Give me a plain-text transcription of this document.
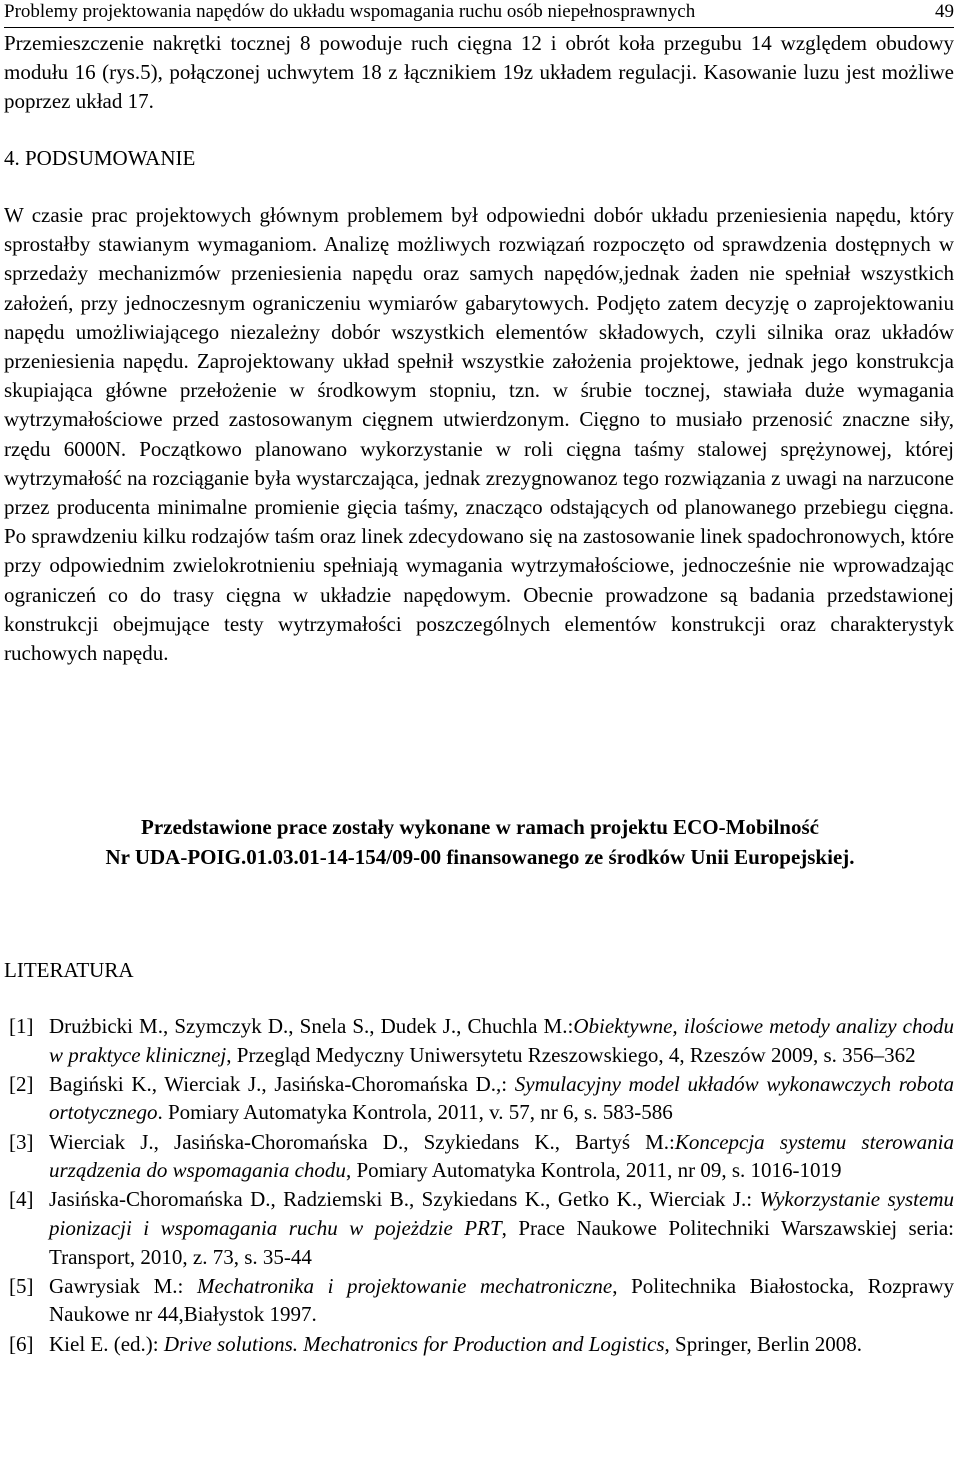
Problemy projektowania napędów do układu wspomagania ruchu osób niepełnosprawnych	49

Przemieszczenie nakrętki tocznej 8 powoduje ruch cięgna 12 i obrót koła przegubu 14 względem obudowy modułu 16 (rys.5), połączonej uchwytem 18 z łącznikiem 19z układem regulacji. Kasowanie luzu jest możliwe poprzez układ 17.

4. PODSUMOWANIE

W czasie prac projektowych głównym problemem był odpowiedni dobór układu przeniesienia napędu, który sprostałby stawianym wymaganiom. Analizę możliwych rozwiązań rozpoczęto od sprawdzenia dostępnych w sprzedaży mechanizmów przeniesienia napędu oraz samych napędów,jednak żaden nie spełniał wszystkich założeń, przy jednoczesnym ograniczeniu wymiarów gabarytowych. Podjęto zatem decyzję o zaprojektowaniu napędu umożliwiającego niezależny dobór wszystkich elementów składowych, czyli silnika oraz układów przeniesienia napędu. Zaprojektowany układ spełnił wszystkie założenia projektowe, jednak jego konstrukcja skupiająca główne przełożenie w środkowym stopniu, tzn. w śrubie tocznej, stawiała duże wymagania wytrzymałościowe przed zastosowanym cięgnem utwierdzonym. Cięgno to musiało przenosić znaczne siły, rzędu 6000N. Początkowo planowano wykorzystanie w roli cięgna taśmy stalowej sprężynowej, której wytrzymałość na rozciąganie była wystarczająca, jednak zrezygnowanoz tego rozwiązania z uwagi na narzucone przez producenta minimalne promienie gięcia taśmy, znacząco odstających od planowanego przebiegu cięgna. Po sprawdzeniu kilku rodzajów taśm oraz linek zdecydowano się na zastosowanie linek spadochronowych, które przy odpowiednim zwielokrotnieniu spełniają wymagania wytrzymałościowe, jednocześnie nie wprowadzając ograniczeń co do trasy cięgna w układzie napędowym. Obecnie prowadzone są badania przedstawionej konstrukcji obejmujące testy wytrzymałości poszczególnych elementów konstrukcji oraz charakterystyk ruchowych napędu.

Przedstawione prace zostały wykonane w ramach projektu ECO-Mobilność
Nr UDA-POIG.01.03.01-14-154/09-00 finansowanego ze środków Unii Europejskiej.

LITERATURA
[1] Drużbicki M., Szymczyk D., Snela S., Dudek J., Chuchla M.:Obiektywne, ilościowe metody analizy chodu w praktyce klinicznej, Przegląd Medyczny Uniwersytetu Rzeszowskiego, 4, Rzeszów 2009, s. 356–362
[2] Bagiński K., Wierciak J., Jasińska-Choromańska D.,: Symulacyjny model układów wykonawczych robota ortotycznego. Pomiary Automatyka Kontrola, 2011, v. 57, nr 6, s. 583-586
[3] Wierciak J., Jasińska-Choromańska D., Szykiedans K., Bartyś M.:Koncepcja systemu sterowania urządzenia do wspomagania chodu, Pomiary Automatyka Kontrola, 2011, nr 09, s. 1016-1019
[4] Jasińska-Choromańska D., Radziemski B., Szykiedans K., Getko K., Wierciak J.: Wykorzystanie systemu pionizacji i wspomagania ruchu w pojeżdzie PRT, Prace Naukowe Politechniki Warszawskiej seria: Transport, 2010, z. 73, s. 35-44
[5] Gawrysiak M.: Mechatronika i projektowanie mechatroniczne, Politechnika Białostocka, Rozprawy Naukowe nr 44,Białystok 1997.
[6] Kiel E. (ed.): Drive solutions. Mechatronics for Production and Logistics, Springer, Berlin 2008.
